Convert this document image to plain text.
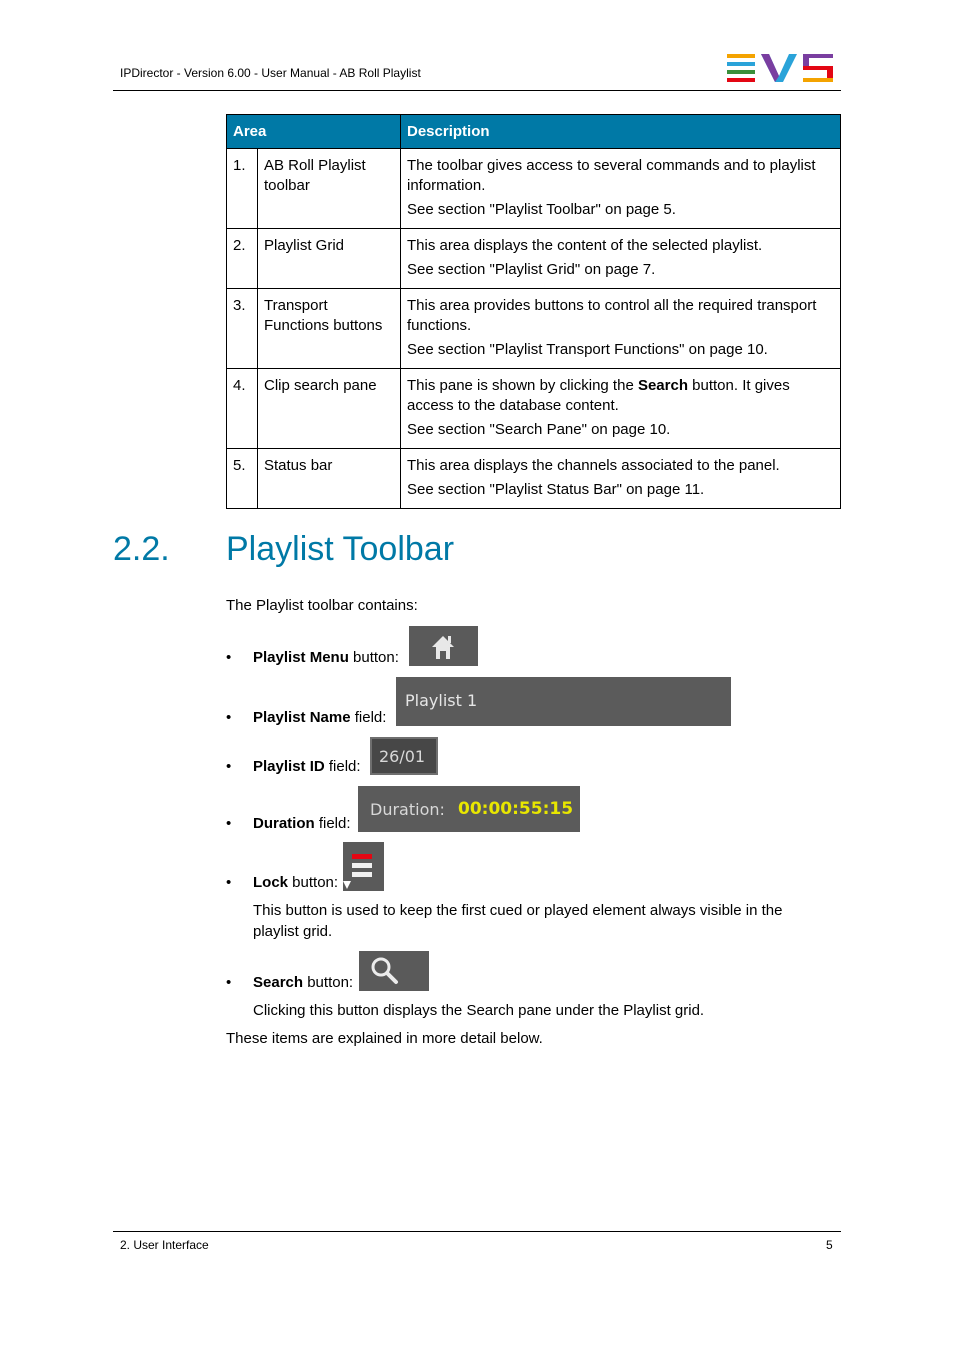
IPDirector - Version 6.00 - User Manual - AB Roll Playlist
Area		Description
1.	AB Roll Playlist toolbar	The toolbar gives access to several commands and to playlist information.

See section "Playlist Toolbar" on page 5.

2.	Playlist Grid	This area displays the content of the selected playlist.

See section "Playlist Grid" on page 7.

3.	Transport Functions buttons	This area provides buttons to control all the required transport functions.

See section "Playlist Transport Functions" on page 10.

4.	Clip search pane	This pane is shown by clicking the Search button. It gives access to the database content.

See section "Search Pane" on page 10.

5.	Status bar	This area displays the channels associated to the panel.

See section "Playlist Status Bar" on page 11.

2.2. Playlist Toolbar
The Playlist toolbar contains:
• Playlist Menu button:
• Playlist Name field:
Playlist 1
• Playlist ID field:
26/01
• Duration field:
Duration: 00:00:55:15
• Lock button:
This button is used to keep the first cued or played element always visible in the playlist grid.
• Search button:
Clicking this button displays the Search pane under the Playlist grid.
These items are explained in more detail below.
2. User Interface	5
